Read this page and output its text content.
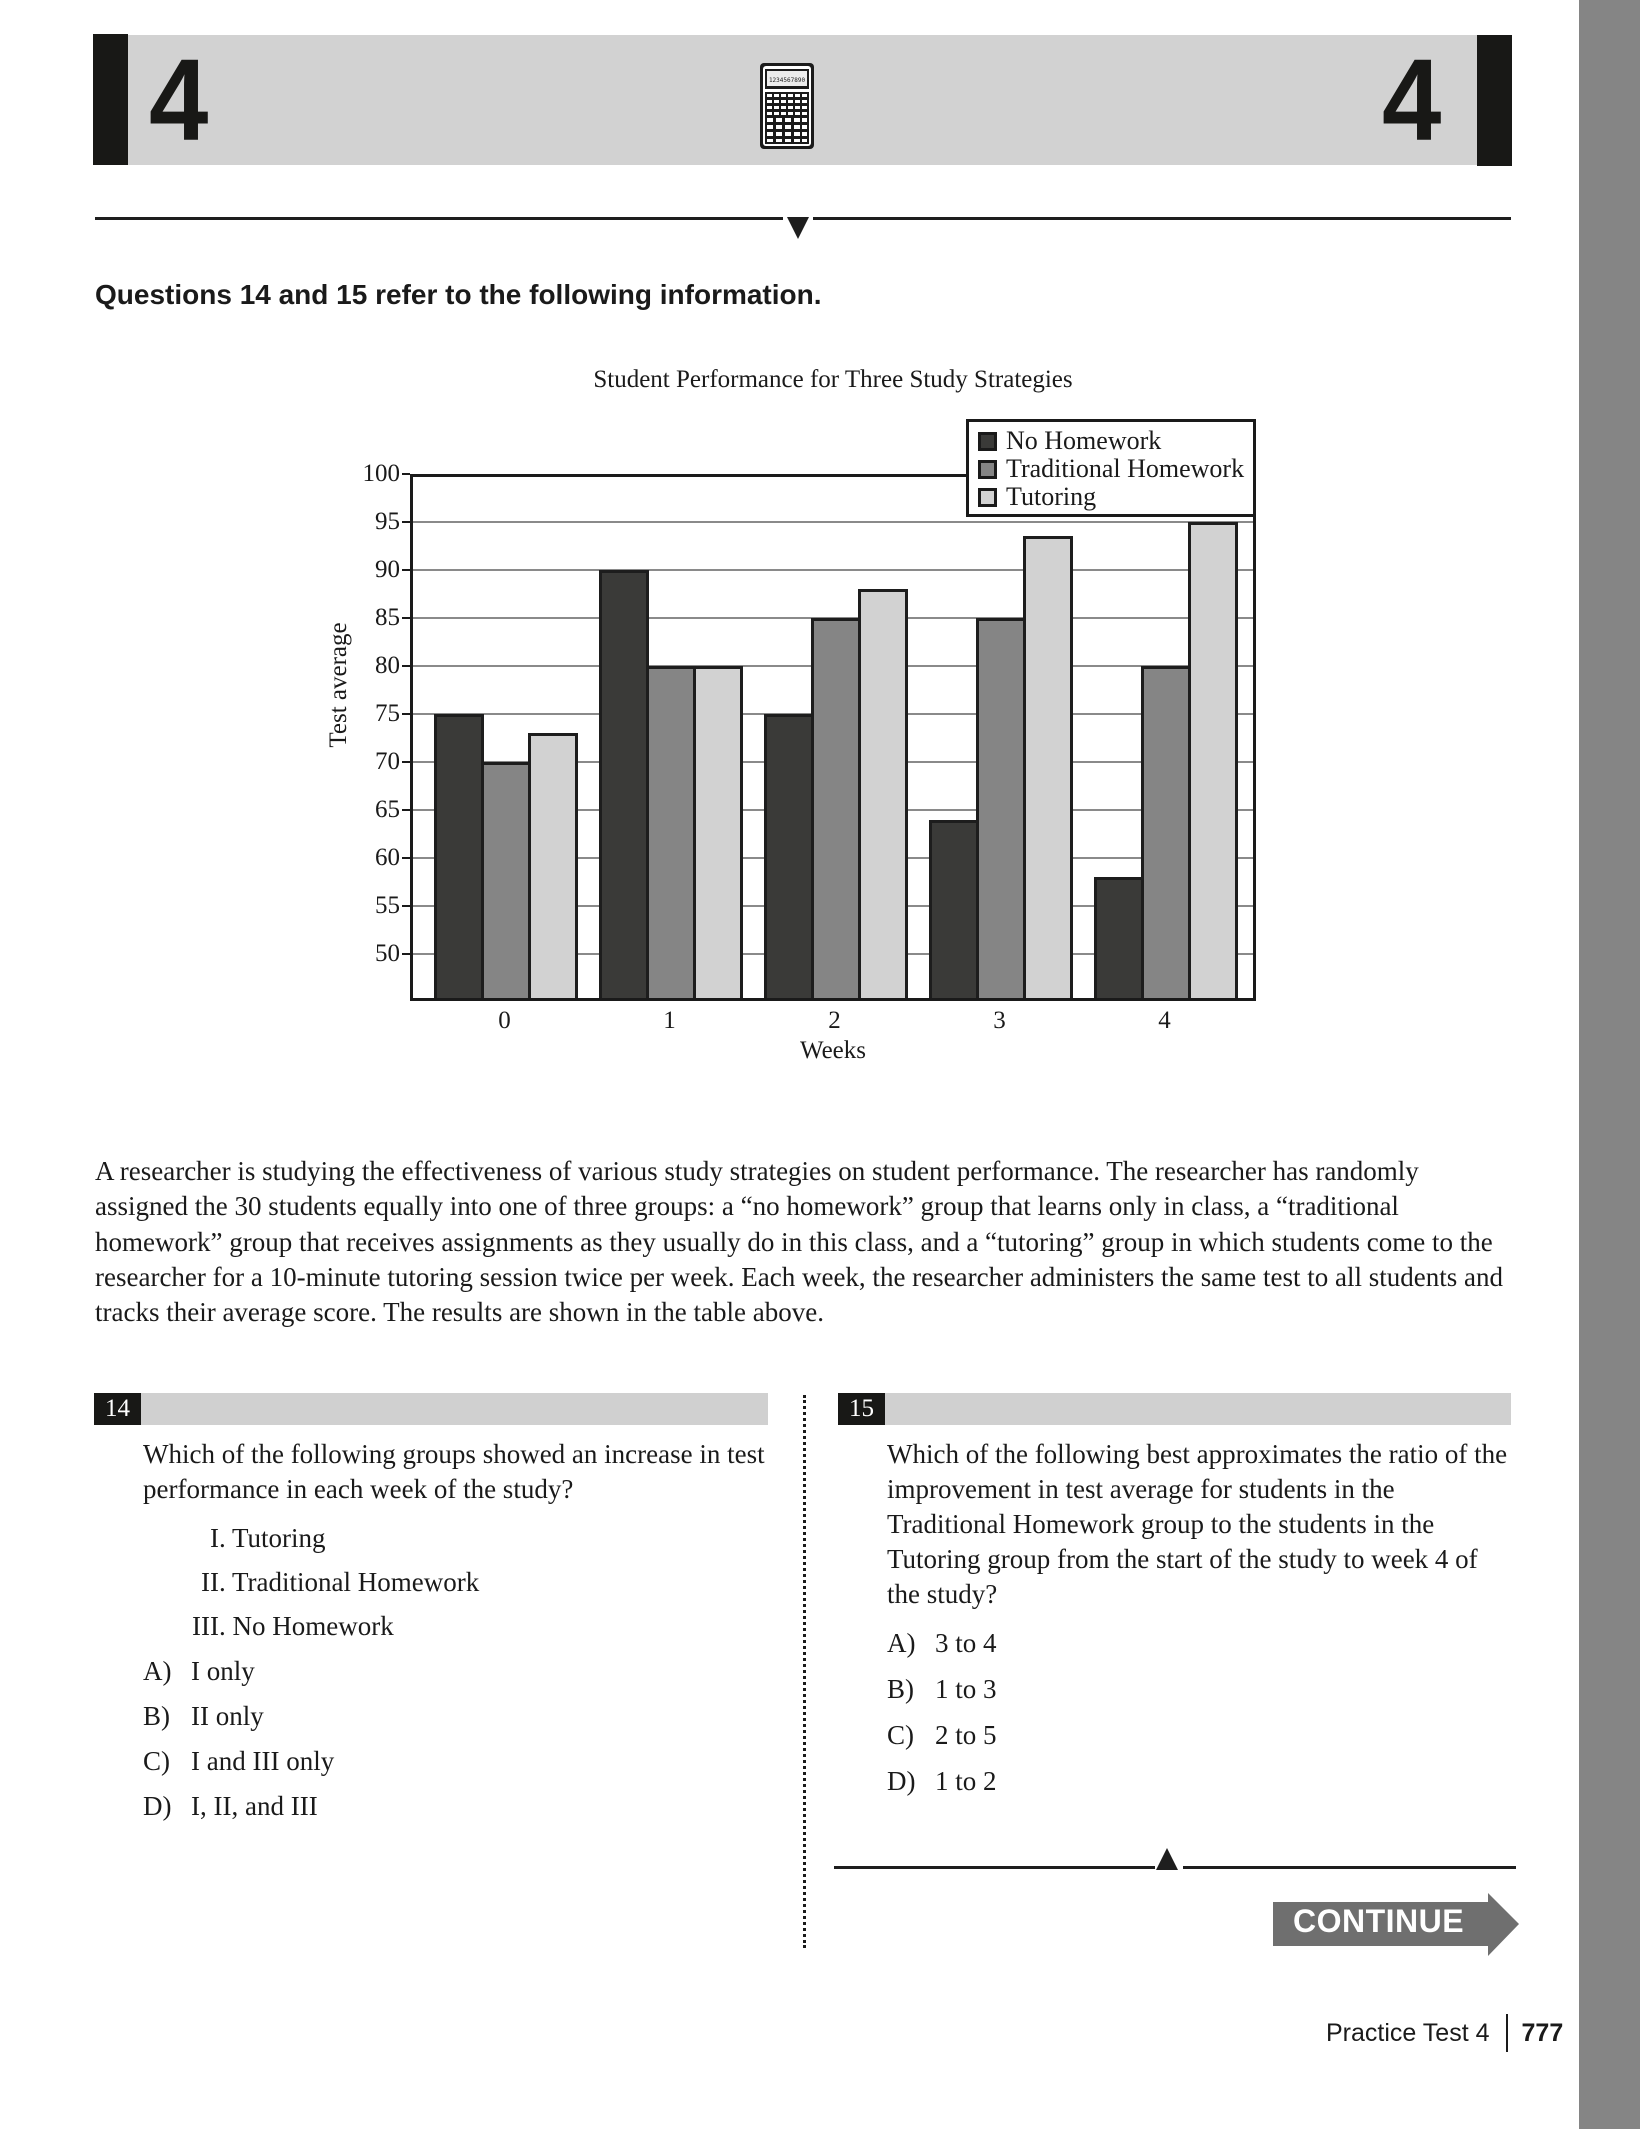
4	4
1234567890
Questions 14 and 15 refer to the following information.
Student Performance for Three Study Strategies
Test average
100
95
90
85
80
75
70
65
60
55
50
0	1	2	3	4
Weeks
No Homework
Traditional Homework
Tutoring
A researcher is studying the effectiveness of various study strategies on student performance. The researcher has randomly assigned the 30 students equally into one of three groups: a “no homework” group that learns only in class, a “traditional homework” group that receives assignments as they usually do in this class, and a “tutoring” group in which students come to the researcher for a 10-minute tutoring session twice per week. Each week, the researcher administers the same test to all students and tracks their average score. The results are shown in the table above.
14
Which of the following groups showed an increase in test performance in each week of the study?
I. Tutoring
II. Traditional Homework
III. No Homework
A) I only
B) II only
C) I and III only
D) I, II, and III
15
Which of the following best approximates the ratio of the improvement in test average for students in the Traditional Homework group to the students in the Tutoring group from the start of the study to week 4 of the study?
A) 3 to 4
B) 1 to 3
C) 2 to 5
D) 1 to 2
CONTINUE
Practice Test 4 777
